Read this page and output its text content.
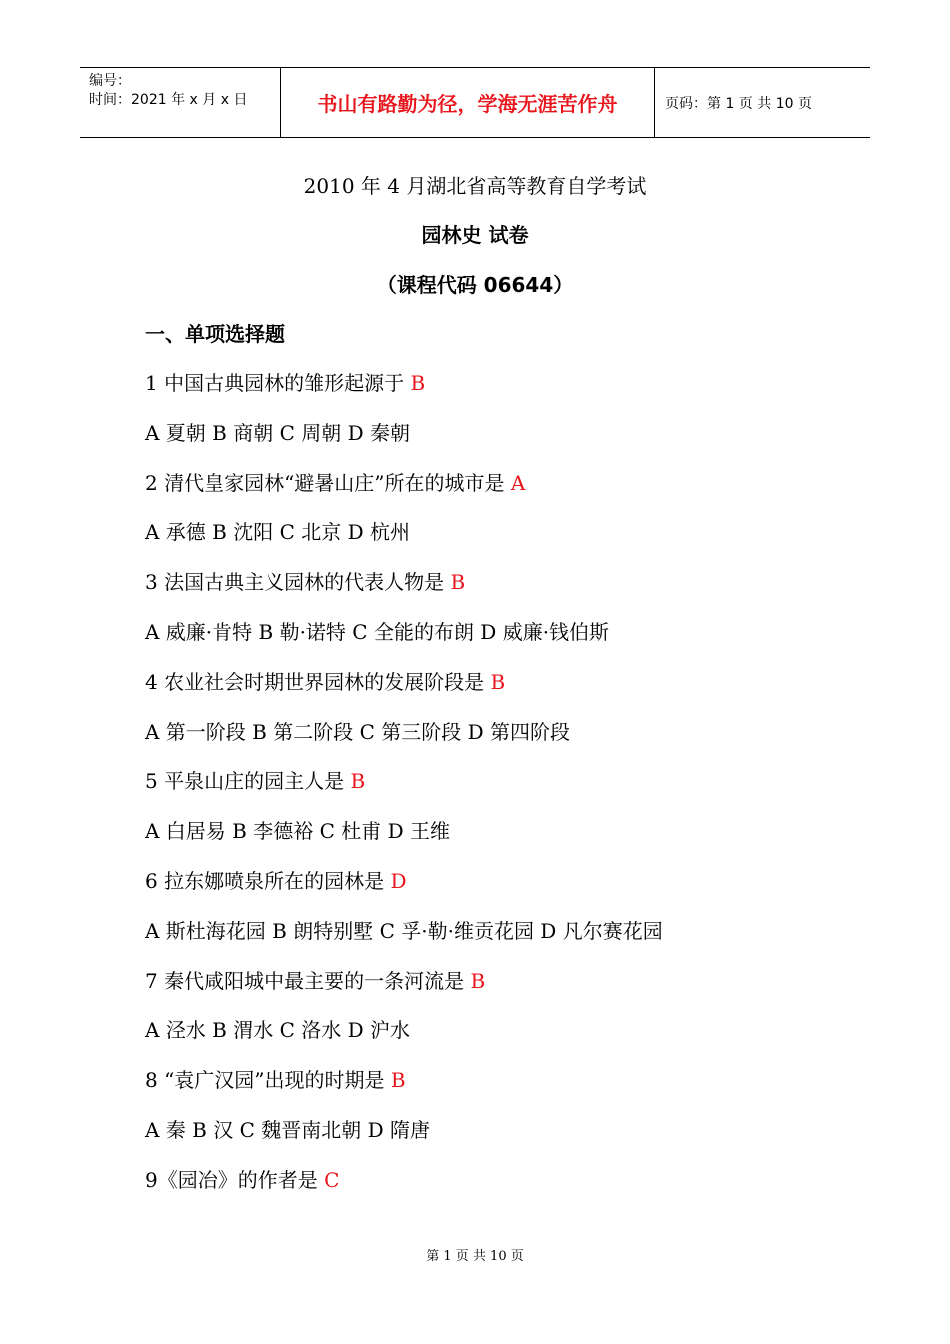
编号：
时间：2021 年 x 月 x 日	书山有路勤为径，学海无涯苦作舟	页码：第 1 页 共 10 页
2010 年 4 月湖北省高等教育自学考试
园林史 试卷
（课程代码 06644）
一、单项选择题
1 中国古典园林的雏形起源于 B
A 夏朝 B 商朝 C 周朝 D 秦朝
2 清代皇家园林“避暑山庄”所在的城市是 A
A 承德 B 沈阳 C 北京 D 杭州
3 法国古典主义园林的代表人物是 B
A 威廉·肯特 B 勒·诺特 C 全能的布朗 D 威廉·钱伯斯
4 农业社会时期世界园林的发展阶段是 B
A 第一阶段 B 第二阶段 C 第三阶段 D 第四阶段
5 平泉山庄的园主人是 B
A 白居易 B 李德裕 C 杜甫 D 王维
6 拉东娜喷泉所在的园林是 D
A 斯杜海花园 B 朗特别墅 C 孚·勒·维贡花园 D 凡尔赛花园
7 秦代咸阳城中最主要的一条河流是 B
A 泾水 B 渭水 C 洛水 D 沪水
8 “袁广汉园”出现的时期是 B
A 秦 B 汉 C 魏晋南北朝 D 隋唐
9《园冶》的作者是 C
第 1 页 共 10 页
